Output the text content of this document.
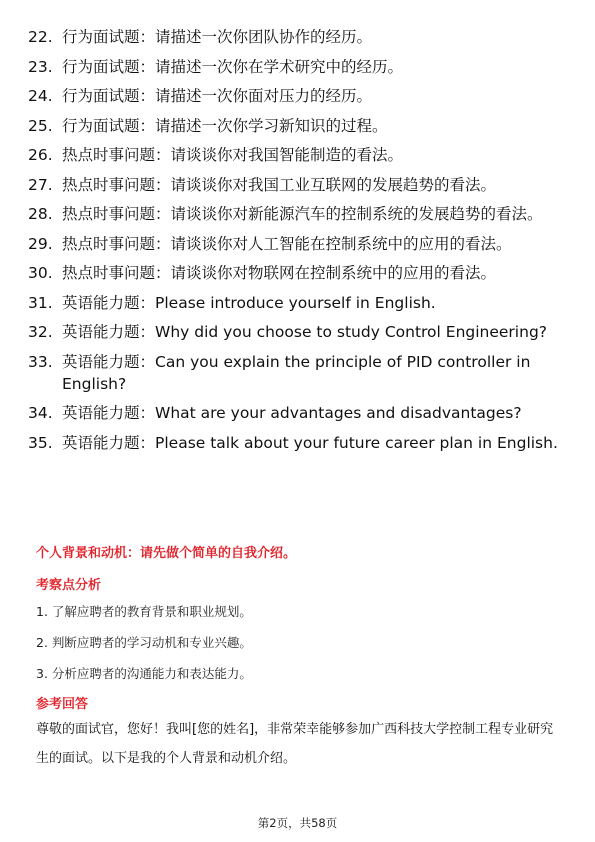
22. 行为面试题：请描述一次你团队协作的经历。
23. 行为面试题：请描述一次你在学术研究中的经历。
24. 行为面试题：请描述一次你面对压力的经历。
25. 行为面试题：请描述一次你学习新知识的过程。
26. 热点时事问题：请谈谈你对我国智能制造的看法。
27. 热点时事问题：请谈谈你对我国工业互联网的发展趋势的看法。
28. 热点时事问题：请谈谈你对新能源汽车的控制系统的发展趋势的看法。
29. 热点时事问题：请谈谈你对人工智能在控制系统中的应用的看法。
30. 热点时事问题：请谈谈你对物联网在控制系统中的应用的看法。
31. 英语能力题：Please introduce yourself in English.
32. 英语能力题：Why did you choose to study Control Engineering?
33. 英语能力题：Can you explain the principle of PID controller in English?
34. 英语能力题：What are your advantages and disadvantages?
35. 英语能力题：Please talk about your future career plan in English.
个人背景和动机：请先做个简单的自我介绍。
考察点分析
1. 了解应聘者的教育背景和职业规划。
2. 判断应聘者的学习动机和专业兴趣。
3. 分析应聘者的沟通能力和表达能力。
参考回答
尊敬的面试官，您好！我叫[您的姓名]，非常荣幸能够参加广西科技大学控制工程专业研究生的面试。以下是我的个人背景和动机介绍。
第2页，共58页
